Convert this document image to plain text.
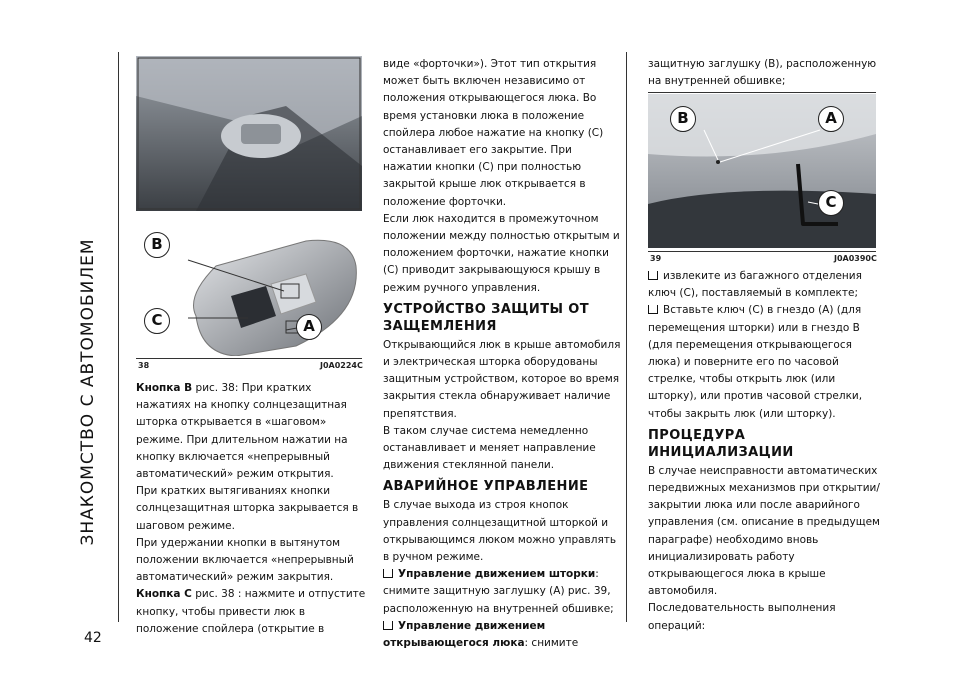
ЗНАКОМСТВО С АВТОМОБИЛЕМ
42
B
C	A
38	J0A0224C

Кнопка B рис. 38: При кратких нажатиях на кнопку солнцезащитная шторка открывается в «шаговом» режиме. При длительном нажатии на кнопку включается «непрерывный автоматический» режим открытия.

При кратких вытягиваниях кнопки солнцезащитная шторка закрывается в шаговом режиме.

При удержании кнопки в вытянутом положении включается «непрерывный автоматический» режим закрытия.

Кнопка C рис. 38 : нажмите и отпустите кнопку, чтобы привести люк в положение спойлера (открытие в

виде «форточки»). Этот тип открытия может быть включен независимо от положения открывающегося люка. Во время установки люка в положение спойлера любое нажатие на кнопку (C) останавливает его закрытие. При нажатии кнопки (C) при полностью закрытой крыше люк открывается в положение форточки.

Если люк находится в промежуточном положении между полностью открытым и положением форточки, нажатие кнопки (C) приводит закрывающуюся крышу в режим ручного управления.

УСТРОЙСТВО ЗАЩИТЫ ОТ ЗАЩЕМЛЕНИЯ

Открывающийся люк в крыше автомобиля и электрическая шторка оборудованы защитным устройством, которое во время закрытия стекла обнаруживает наличие препятствия.

В таком случае система немедленно останавливает и меняет направление движения стеклянной панели.

АВАРИЙНОЕ УПРАВЛЕНИЕ

В случае выхода из строя кнопок управления солнцезащитной шторкой и открывающимся люком можно управлять в ручном режиме.

Управление движением шторки: снимите защитную заглушку (A) рис. 39, расположенную на внутренней обшивке;

Управление движением открывающегося люка: снимите

защитную заглушку (B), расположенную на внутренней обшивке;

B	A
C
39	J0A0390C

извлеките из багажного отделения ключ (C), поставляемый в комплекте;

Вставьте ключ (C) в гнездо (A) (для перемещения шторки) или в гнездо B (для перемещения открывающегося люка) и поверните его по часовой стрелке, чтобы открыть люк (или шторку), или против часовой стрелки, чтобы закрыть люк (или шторку).

ПРОЦЕДУРА ИНИЦИАЛИЗАЦИИ

В случае неисправности автоматических передвижных механизмов при открытии/закрытии люка или после аварийного управления (см. описание в предыдущем параграфе) необходимо вновь инициализировать работу открывающегося люка в крыше автомобиля.

Последовательность выполнения операций:
